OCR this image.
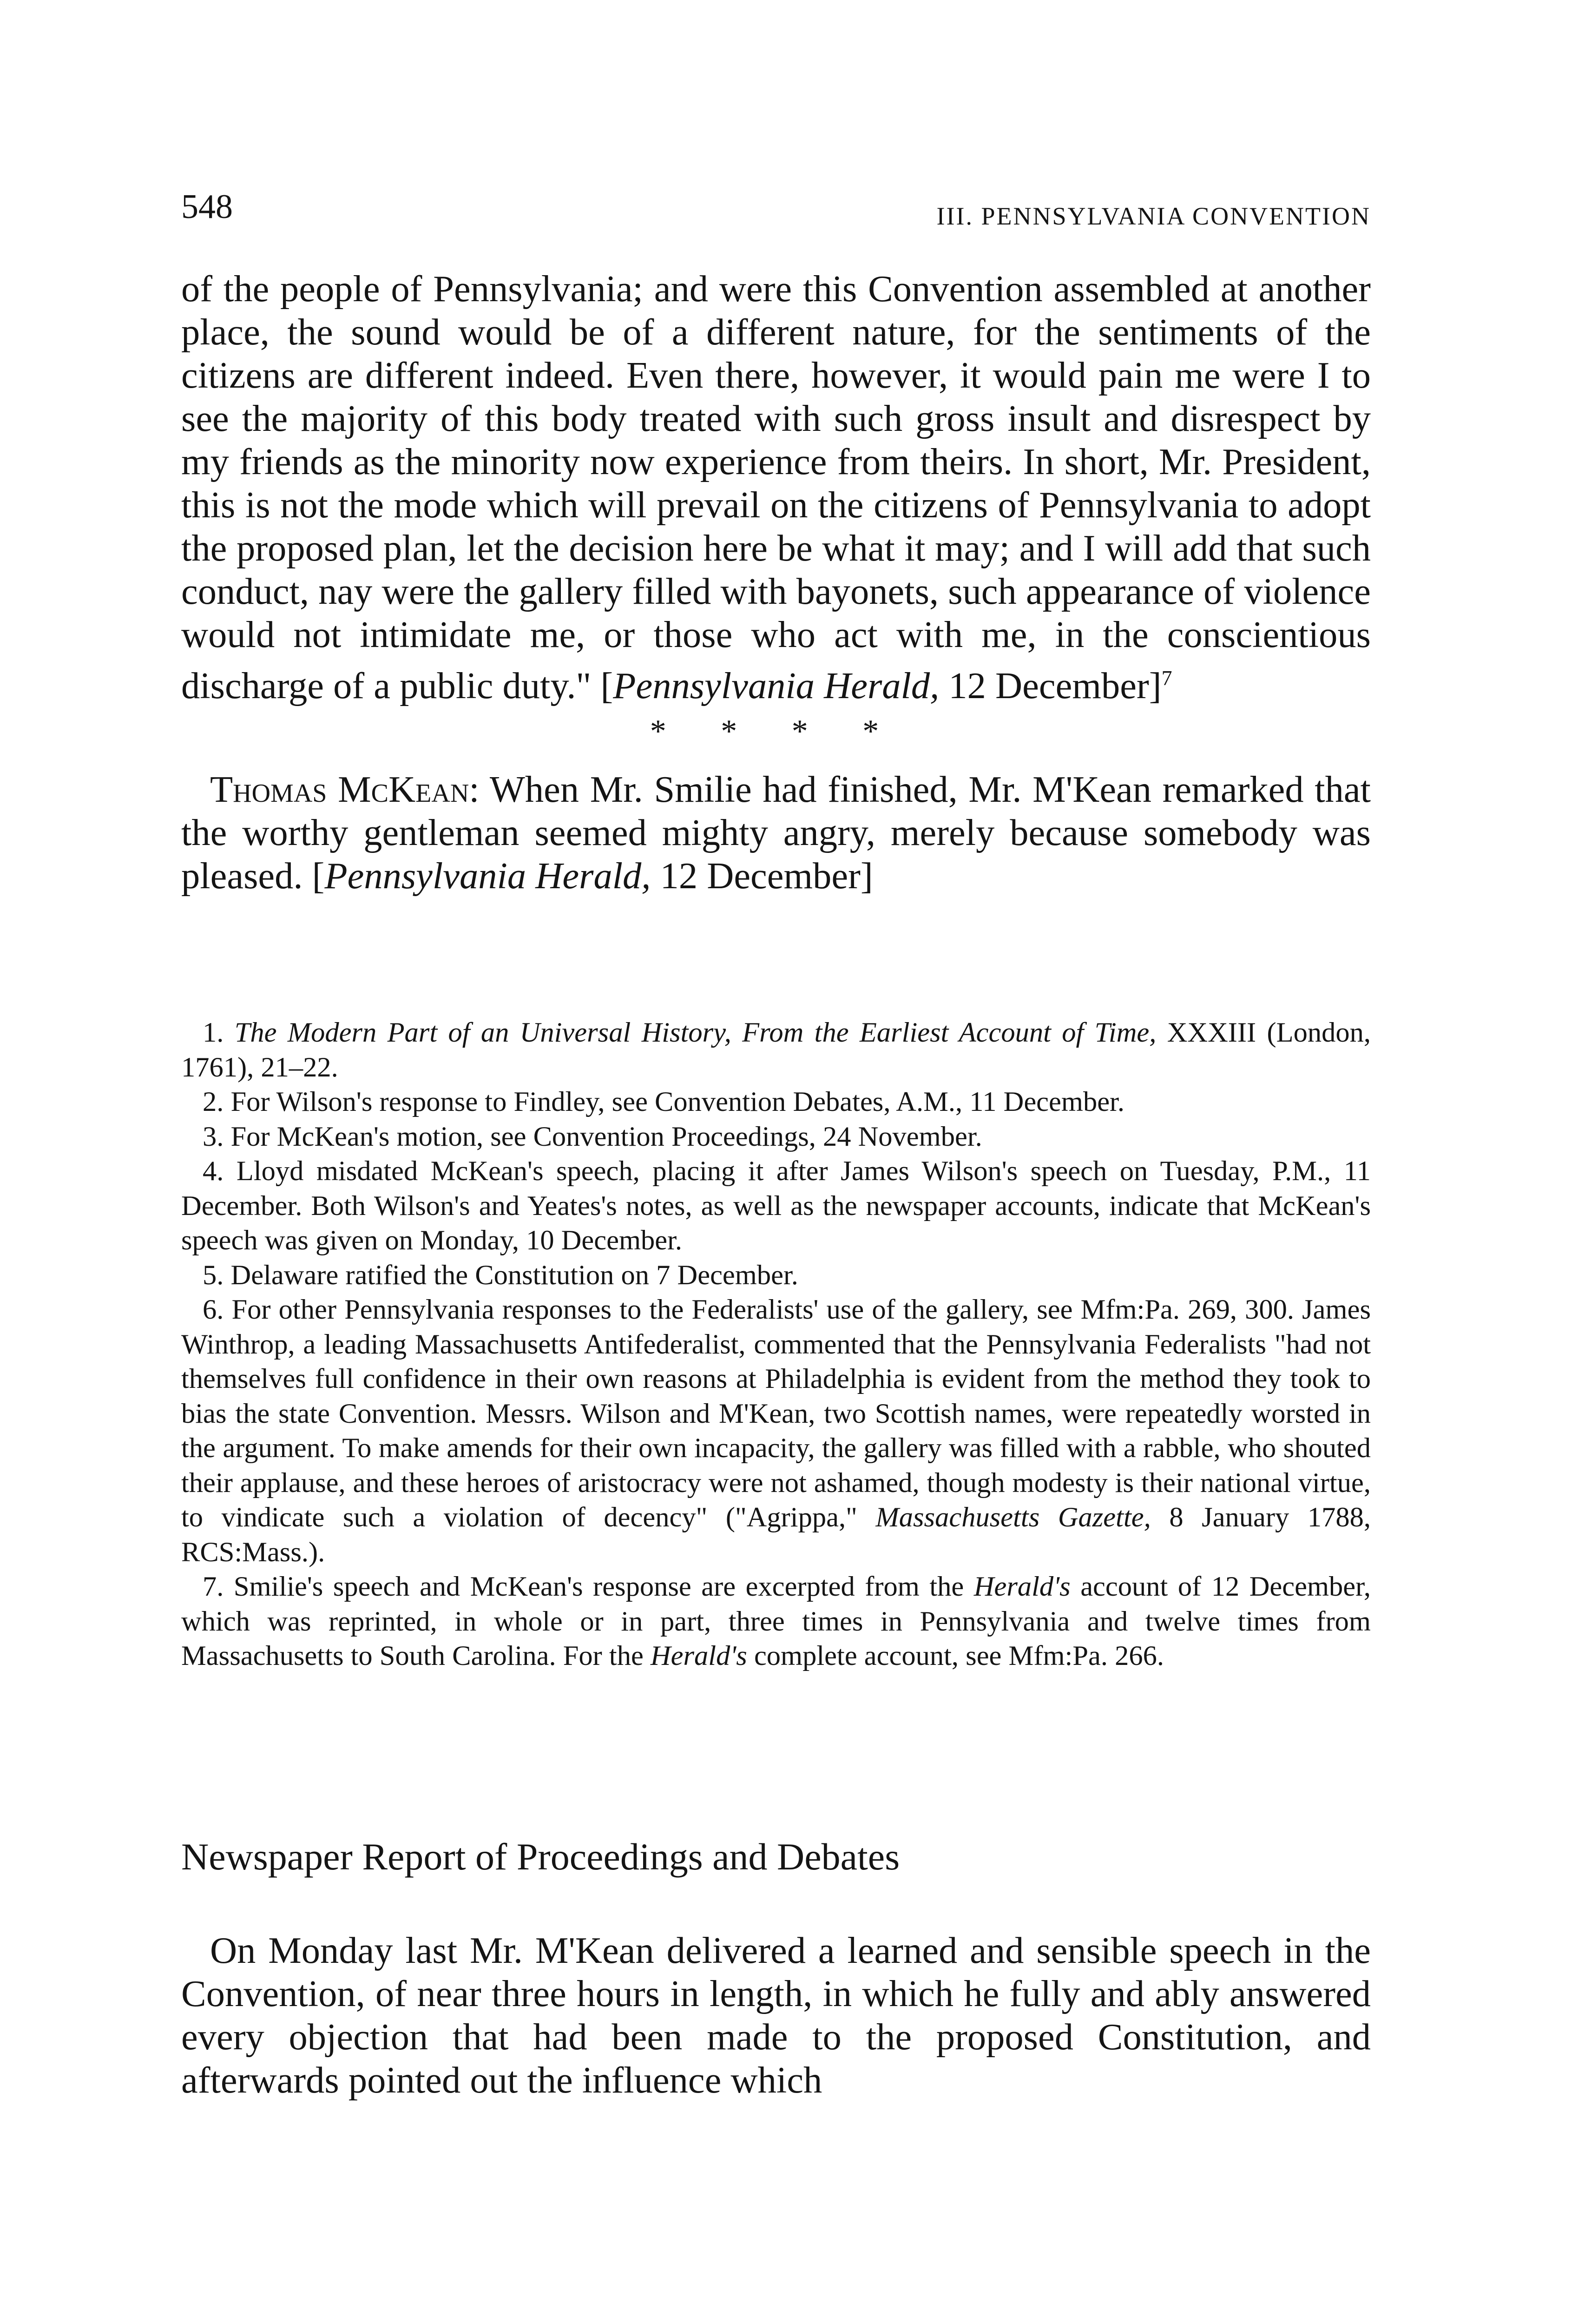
548	III. PENNSYLVANIA CONVENTION

of the people of Pennsylvania; and were this Convention assembled at another place, the sound would be of a different nature, for the sentiments of the citizens are different indeed. Even there, however, it would pain me were I to see the majority of this body treated with such gross insult and disrespect by my friends as the minority now experience from theirs. In short, Mr. President, this is not the mode which will prevail on the citizens of Pennsylvania to adopt the proposed plan, let the decision here be what it may; and I will add that such conduct, nay were the gallery filled with bayonets, such appearance of violence would not intimidate me, or those who act with me, in the conscientious discharge of a public duty." [Pennsylvania Herald, 12 December]$^7$

* * * *

Thomas McKean: When Mr. Smilie had finished, Mr. M'Kean remarked that the worthy gentleman seemed mighty angry, merely because somebody was pleased. [Pennsylvania Herald, 12 December]

1. The Modern Part of an Universal History, From the Earliest Account of Time, XXXIII (London, 1761), 21–22.

2. For Wilson's response to Findley, see Convention Debates, A.M., 11 December.

3. For McKean's motion, see Convention Proceedings, 24 November.

4. Lloyd misdated McKean's speech, placing it after James Wilson's speech on Tuesday, P.M., 11 December. Both Wilson's and Yeates's notes, as well as the newspaper accounts, indicate that McKean's speech was given on Monday, 10 December.

5. Delaware ratified the Constitution on 7 December.

6. For other Pennsylvania responses to the Federalists' use of the gallery, see Mfm:Pa. 269, 300. James Winthrop, a leading Massachusetts Antifederalist, commented that the Pennsylvania Federalists "had not themselves full confidence in their own reasons at Philadelphia is evident from the method they took to bias the state Convention. Messrs. Wilson and M'Kean, two Scottish names, were repeatedly worsted in the argument. To make amends for their own incapacity, the gallery was filled with a rabble, who shouted their applause, and these heroes of aristocracy were not ashamed, though modesty is their national virtue, to vindicate such a violation of decency" ("Agrippa," Massachusetts Gazette, 8 January 1788, RCS:Mass.).

7. Smilie's speech and McKean's response are excerpted from the Herald's account of 12 December, which was reprinted, in whole or in part, three times in Pennsylvania and twelve times from Massachusetts to South Carolina. For the Herald's complete account, see Mfm:Pa. 266.

Newspaper Report of Proceedings and Debates

On Monday last Mr. M'Kean delivered a learned and sensible speech in the Convention, of near three hours in length, in which he fully and ably answered every objection that had been made to the proposed Constitution, and afterwards pointed out the influence which
